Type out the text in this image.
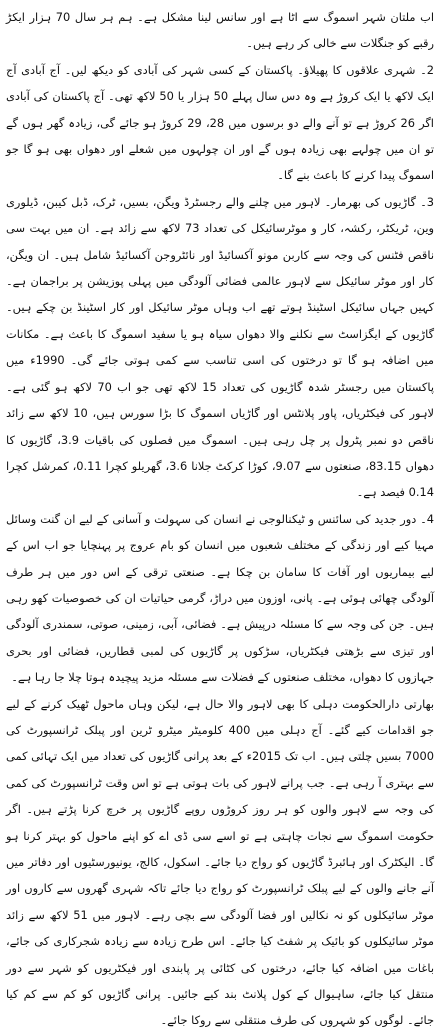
اب ملتان شہر اسموگ سے اٹا ہے اور سانس لینا مشکل ہے۔ ہم ہر سال 70 ہزار ایکڑ رقبے کو جنگلات سے خالی کر رہے ہیں۔

2۔ شہری علاقوں کا پھیلاؤ۔ پاکستان کے کسی شہر کی آبادی کو دیکھ لیں۔ آج آبادی آج ایک لاکھ یا ایک کروڑ ہے وہ دس سال پہلے 50 ہزار یا 50 لاکھ تھی۔ آج پاکستان کی آبادی اگر 26 کروڑ ہے تو آنے والے دو برسوں میں 28، 29 کروڑ ہو جائے گی، زیادہ گھر ہوں گے تو ان میں چولہے بھی زیادہ ہوں گے اور ان چولہوں میں شعلے اور دھواں بھی ہو گا جو اسموگ پیدا کرنے کا باعث بنے گا۔

3۔ گاڑیوں کی بھرمار۔ لاہور میں چلنے والے رجسٹرڈ ویگن، بسیں، ٹرک، ڈبل کیبن، ڈیلوری وین، ٹریکٹر، رکشہ، کار و موٹرسائیکل کی تعداد 73 لاکھ سے زائد ہے۔ ان میں بہت سی ناقص فٹنس کی وجہ سے کاربن مونو آکسائیڈ اور نائٹروجن آکسائیڈ شامل ہیں۔ ان ویگن، کار اور موٹر سائیکل سے لاہور عالمی فضائی آلودگی میں پہلی پوزیشن پر براجمان ہے۔ کہیں جہاں سائیکل اسٹینڈ ہوتے تھے اب وہاں موٹر سائیکل اور کار اسٹینڈ بن چکے ہیں۔ گاڑیوں کے ایگزاسٹ سے نکلنے والا دھواں سیاہ ہو یا سفید اسموگ کا باعث ہے۔ مکانات میں اضافہ ہو گا تو درختوں کی اسی تناسب سے کمی ہوتی جائے گی۔ 1990ء میں پاکستان میں رجسٹر شدہ گاڑیوں کی تعداد 15 لاکھ تھی جو اب 70 لاکھ ہو گئی ہے۔ لاہور کی فیکٹریاں، پاور پلانٹس اور گاڑیاں اسموگ کا بڑا سورس ہیں، 10 لاکھ سے زائد ناقص دو نمبر پٹرول پر چل رہی ہیں۔ اسموگ میں فصلوں کی باقیات 3.9، گاڑیوں کا دھواں 83.15، صنعتوں سے 9.07، کوڑا کرکٹ جلانا 3.6، گھریلو کچرا 0.11، کمرشل کچرا 0.14 فیصد ہے۔

4۔ دور جدید کی سائنس و ٹیکنالوجی نے انسان کی سہولت و آسانی کے لیے ان گنت وسائل مہیا کیے اور زندگی کے مختلف شعبوں میں انسان کو بام عروج پر پہنچایا جو اب اس کے لیے بیماریوں اور آفات کا سامان بن چکا ہے۔ صنعتی ترقی کے اس دور میں ہر طرف آلودگی چھائی ہوئی ہے۔ پانی، اوزون میں دراڑ، گرمی حیاتیات ان کی خصوصیات کھو رہی ہیں۔ جن کی وجہ سے کا مسئلہ درپیش ہے۔ فضائی، آبی، زمینی، صوتی، سمندری آلودگی اور تیزی سے بڑھتی فیکٹریاں، سڑکوں پر گاڑیوں کی لمبی قطاریں، فضائی اور بحری جہازوں کا دھواں، مختلف صنعتوں کے فضلات سے مسئلہ مزید پیچیدہ ہوتا چلا جا رہا ہے۔

بھارتی دارالحکومت دہلی کا بھی لاہور والا حال ہے، لیکن وہاں ماحول ٹھیک کرنے کے لیے جو اقدامات کیے گئے۔ آج دہلی میں 400 کلومیٹر میٹرو ٹرین اور پبلک ٹرانسپورٹ کی 7000 بسیں چلتی ہیں۔ اب تک 2015ء کے بعد پرانی گاڑیوں کی تعداد میں ایک تہائی کمی سے بہتری آ رہی ہے۔ جب پرانے لاہور کی بات ہوتی ہے تو اس وقت ٹرانسپورٹ کی کمی کی وجہ سے لاہور والوں کو ہر روز کروڑوں روپے گاڑیوں پر خرچ کرنا پڑتے ہیں۔ اگر حکومت اسموگ سے نجات چاہتی ہے تو اسے سی ڈی اے کو اپنے ماحول کو بہتر کرنا ہو گا۔ الیکٹرک اور ہائبرڈ گاڑیوں کو رواج دیا جائے۔ اسکول، کالج، یونیورسٹیوں اور دفاتر میں آنے جانے والوں کے لیے پبلک ٹرانسپورٹ کو رواج دیا جائے تاکہ شہری گھروں سے کاروں اور موٹر سائیکلوں کو نہ نکالیں اور فضا آلودگی سے بچی رہے۔ لاہور میں 51 لاکھ سے زائد موٹر سائیکلوں کو بائیک پر شفٹ کیا جائے۔ اس طرح زیادہ سے زیادہ شجرکاری کی جائے، باغات میں اضافہ کیا جائے، درختوں کی کٹائی پر پابندی اور فیکٹریوں کو شہر سے دور منتقل کیا جائے، ساہیوال کے کول پلانٹ بند کیے جائیں۔ پرانی گاڑیوں کو کم سے کم کیا جائے۔ لوگوں کو شہروں کی طرف منتقلی سے روکا جائے۔
